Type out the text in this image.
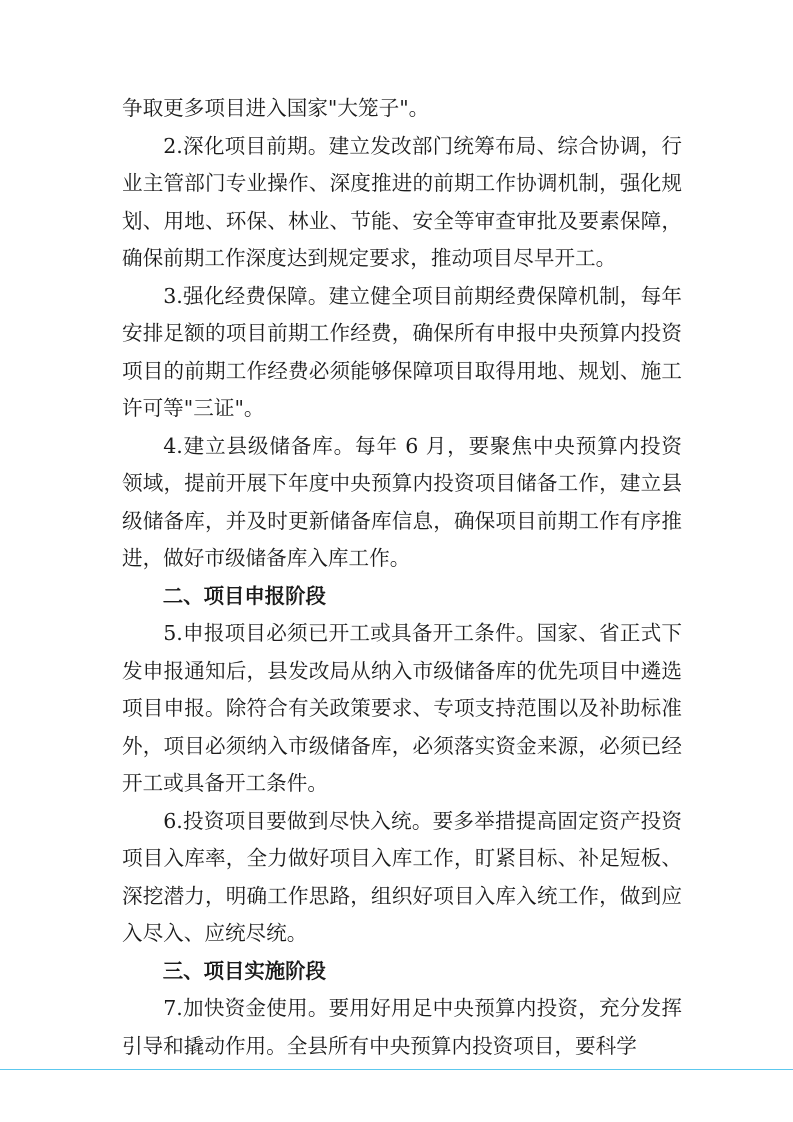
争取更多项目进入国家"大笼子"。

2.深化项目前期。建立发改部门统筹布局、综合协调，行业主管部门专业操作、深度推进的前期工作协调机制，强化规划、用地、环保、林业、节能、安全等审查审批及要素保障，确保前期工作深度达到规定要求，推动项目尽早开工。

3.强化经费保障。建立健全项目前期经费保障机制，每年安排足额的项目前期工作经费，确保所有申报中央预算内投资项目的前期工作经费必须能够保障项目取得用地、规划、施工许可等"三证"。

4.建立县级储备库。每年 6 月，要聚焦中央预算内投资领域，提前开展下年度中央预算内投资项目储备工作，建立县级储备库，并及时更新储备库信息，确保项目前期工作有序推进，做好市级储备库入库工作。

二、项目申报阶段

5.申报项目必须已开工或具备开工条件。国家、省正式下发申报通知后，县发改局从纳入市级储备库的优先项目中遴选项目申报。除符合有关政策要求、专项支持范围以及补助标准外，项目必须纳入市级储备库，必须落实资金来源，必须已经开工或具备开工条件。

6.投资项目要做到尽快入统。要多举措提高固定资产投资项目入库率，全力做好项目入库工作，盯紧目标、补足短板、深挖潜力，明确工作思路，组织好项目入库入统工作，做到应入尽入、应统尽统。

三、项目实施阶段

7.加快资金使用。要用好用足中央预算内投资，充分发挥引导和撬动作用。全县所有中央预算内投资项目，要科学
